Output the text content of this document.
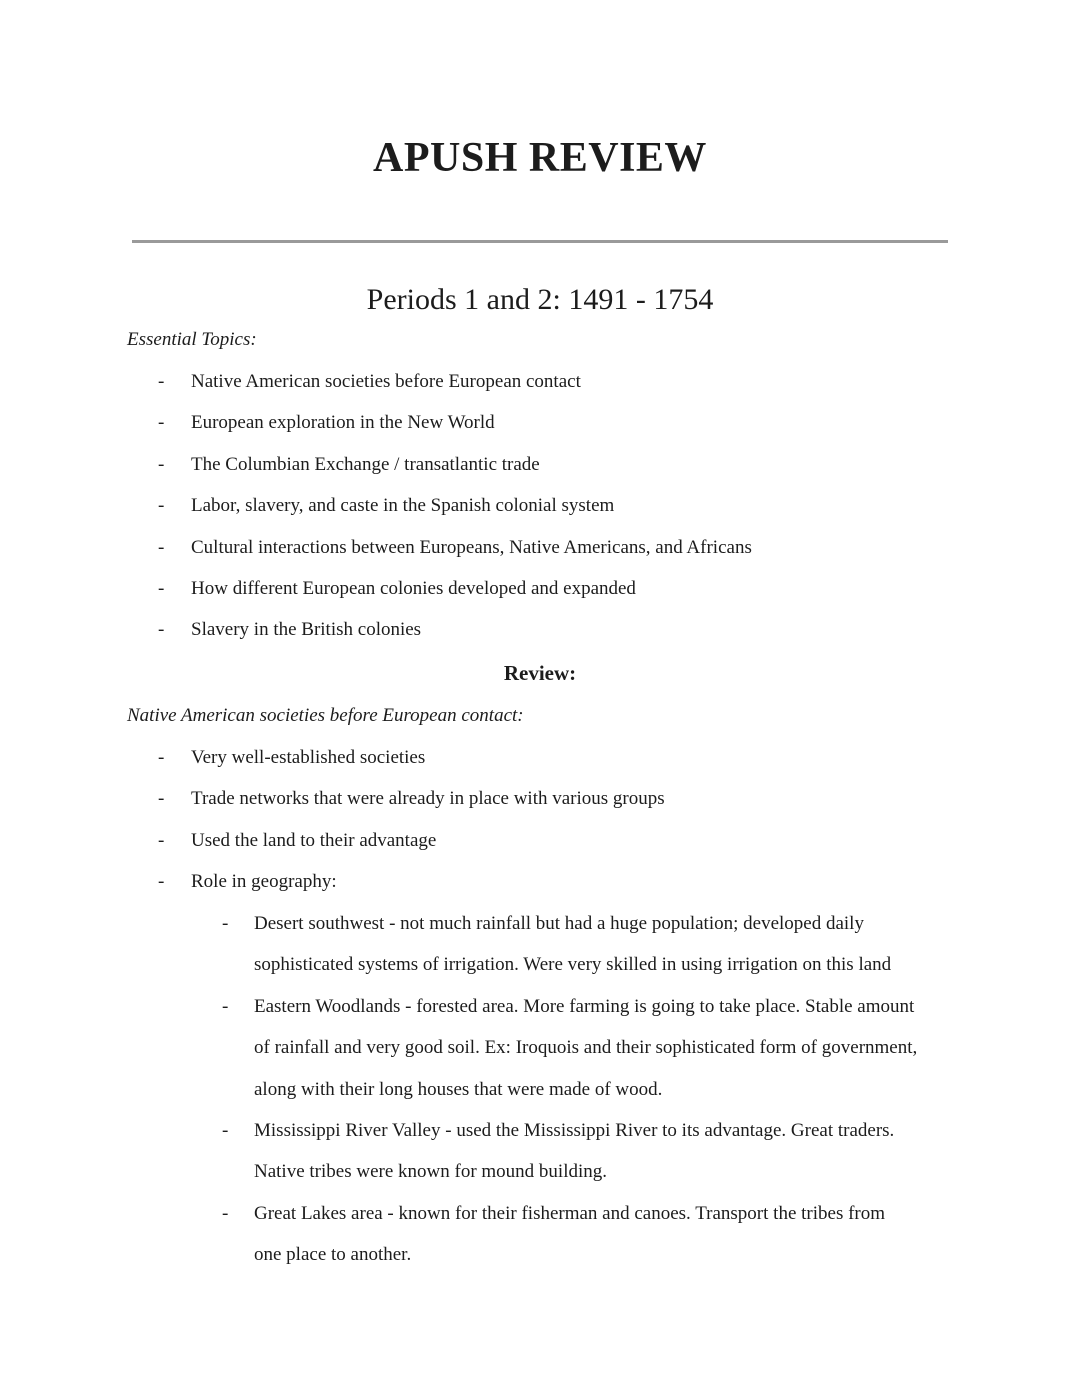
APUSH REVIEW
Periods 1 and 2: 1491 - 1754
Essential Topics:
- Native American societies before European contact
- European exploration in the New World
- The Columbian Exchange / transatlantic trade
- Labor, slavery, and caste in the Spanish colonial system
- Cultural interactions between Europeans, Native Americans, and Africans
- How different European colonies developed and expanded
- Slavery in the British colonies
Review:
Native American societies before European contact:
- Very well-established societies
- Trade networks that were already in place with various groups
- Used the land to their advantage
- Role in geography:
- Desert southwest - not much rainfall but had a huge population; developed daily
sophisticated systems of irrigation. Were very skilled in using irrigation on this land
- Eastern Woodlands - forested area. More farming is going to take place. Stable amount
of rainfall and very good soil. Ex: Iroquois and their sophisticated form of government,
along with their long houses that were made of wood.
- Mississippi River Valley - used the Mississippi River to its advantage. Great traders.
Native tribes were known for mound building.
- Great Lakes area - known for their fisherman and canoes. Transport the tribes from
one place to another.
